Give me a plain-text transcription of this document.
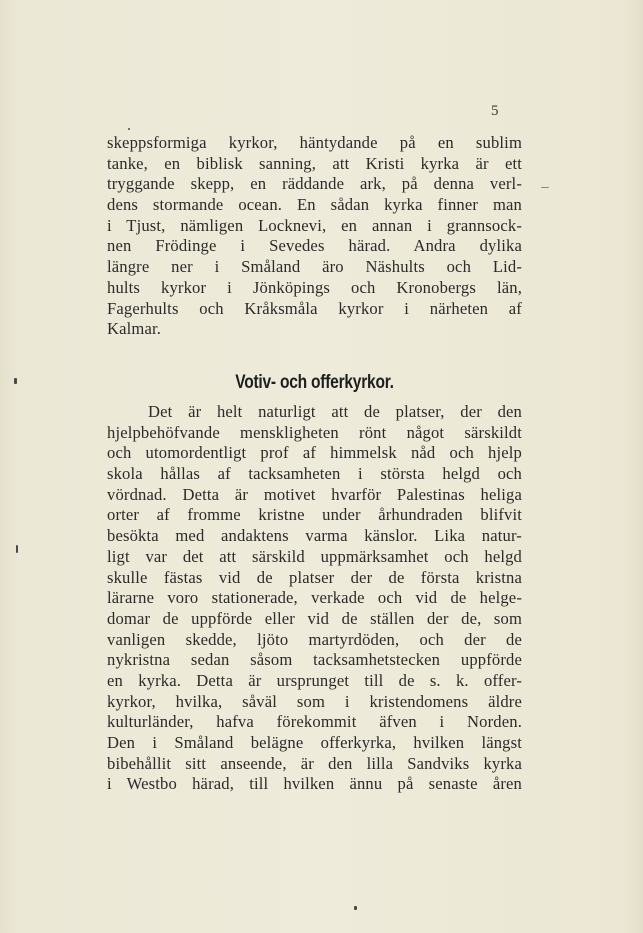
5
skeppsformiga kyrkor, häntydande på en sublim
tanke, en biblisk sanning, att Kristi kyrka är ett
tryggande skepp, en räddande ark, på denna verl-
dens stormande ocean. En sådan kyrka finner man
i Tjust, nämligen Locknevi, en annan i grannsock-
nen Frödinge i Sevedes härad. Andra dylika
längre ner i Småland äro Näshults och Lid-
hults kyrkor i Jönköpings och Kronobergs län,
Fagerhults och Kråksmåla kyrkor i närheten af
Kalmar.
Votiv- och offerkyrkor.
Det är helt naturligt att de platser, der den
hjelpbehöfvande menskligheten rönt något särskildt
och utomordentligt prof af himmelsk nåd och hjelp
skola hållas af tacksamheten i största helgd och
vördnad. Detta är motivet hvarför Palestinas heliga
orter af fromme kristne under århundraden blifvit
besökta med andaktens varma känslor. Lika natur-
ligt var det att särskild uppmärksamhet och helgd
skulle fästas vid de platser der de första kristna
lärarne voro stationerade, verkade och vid de helge-
domar de uppförde eller vid de ställen der de, som
vanligen skedde, ljöto martyrdöden, och der de
nykristna sedan såsom tacksamhetstecken uppförde
en kyrka. Detta är ursprunget till de s. k. offer-
kyrkor, hvilka, såväl som i kristendomens äldre
kulturländer, hafva förekommit äfven i Norden.
Den i Småland belägne offerkyrka, hvilken längst
bibehållit sitt anseende, är den lilla Sandviks kyrka
i Westbo härad, till hvilken ännu på senaste åren
